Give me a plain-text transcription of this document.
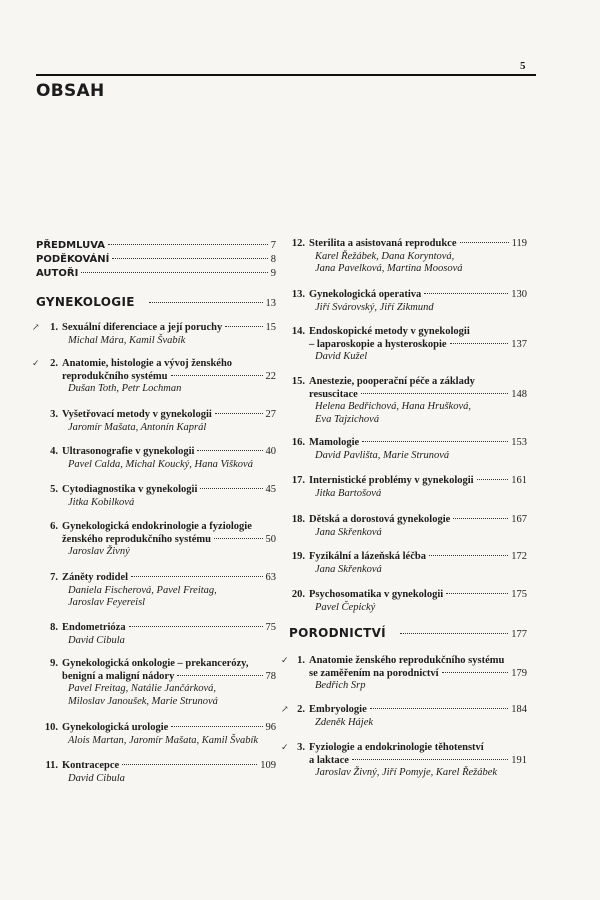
5
OBSAH
PŘEDMLUVA	7
PODĚKOVÁNÍ	8
AUTOŘI	9
GYNEKOLOGIE	13
↗	1. Sexuální diferenciace a její poruchy	15
Michal Mára, Kamil Švabík
✓	2. Anatomie, histologie a vývoj ženského
reprodukčního systému	22
Dušan Toth, Petr Lochman
3. Vyšetřovací metody v gynekologii	27
Jaromír Mašata, Antonín Kaprál
4. Ultrasonografie v gynekologii	40
Pavel Calda, Michal Koucký, Hana Višková
5. Cytodiagnostika v gynekologii	45
Jitka Kobilková
6. Gynekologická endokrinologie a fyziologie
ženského reprodukčního systému	50
Jaroslav Živný
7. Záněty rodidel	63
Daniela Fischerová, Pavel Freitag,
Jaroslav Feyereisl
8. Endometrióza	75
David Cibula
9. Gynekologická onkologie – prekancerózy,
benigní a maligní nádory	78
Pavel Freitag, Natálie Jančárková,
Miloslav Janoušek, Marie Strunová
10. Gynekologická urologie	96
Alois Martan, Jaromír Mašata, Kamil Švabík
11. Kontracepce	109
David Cibula
12. Sterilita a asistovaná reprodukce	119
Karel Řežábek, Dana Koryntová,
Jana Pavelková, Martina Moosová
13. Gynekologická operativa	130
Jiří Svárovský, Jiří Zikmund
14. Endoskopické metody v gynekologii
– laparoskopie a hysteroskopie	137
David Kužel
15. Anestezie, pooperační péče a základy
resuscitace	148
Helena Bedřichová, Hana Hrušková,
Eva Tajzichová
16. Mamologie	153
David Pavlišta, Marie Strunová
17. Internistické problémy v gynekologii	161
Jitka Bartošová
18. Dětská a dorostová gynekologie	167
Jana Skřenková
19. Fyzikální a lázeňská léčba	172
Jana Skřenková
20. Psychosomatika v gynekologii	175
Pavel Čepický
PORODNICTVÍ	177
✓ 1. Anatomie ženského reprodukčního systému
se zaměřením na porodnictví	179
Bedřich Srp
↗ 2. Embryologie	184
Zdeněk Hájek
✓ 3. Fyziologie a endokrinologie těhotenství
a laktace	191
Jaroslav Živný, Jiří Pomyje, Karel Řežábek
